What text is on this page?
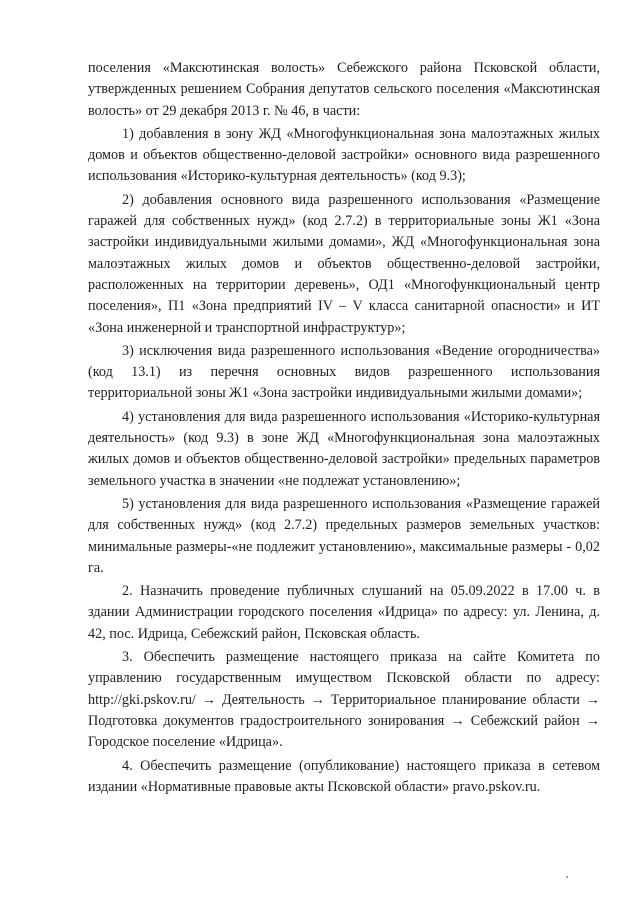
поселения «Максютинская волость» Себежского района Псковской области, утвержденных решением Собрания депутатов сельского поселения «Максютинская волость» от 29 декабря 2013 г. № 46, в части:

1) добавления в зону ЖД «Многофункциональная зона малоэтажных жилых домов и объектов общественно-деловой застройки» основного вида разрешенного использования «Историко-культурная деятельность» (код 9.3);

2) добавления основного вида разрешенного использования «Размещение гаражей для собственных нужд» (код 2.7.2) в территориальные зоны Ж1 «Зона застройки индивидуальными жилыми домами», ЖД «Многофункциональная зона малоэтажных жилых домов и объектов общественно-деловой застройки, расположенных на территории деревень», ОД1 «Многофункциональный центр поселения», П1 «Зона предприятий IV – V класса санитарной опасности» и ИТ «Зона инженерной и транспортной инфраструктур»;

3) исключения вида разрешенного использования «Ведение огородничества» (код 13.1) из перечня основных видов разрешенного использования территориальной зоны Ж1 «Зона застройки индивидуальными жилыми домами»;

4) установления для вида разрешенного использования «Историко-культурная деятельность» (код 9.3) в зоне ЖД «Многофункциональная зона малоэтажных жилых домов и объектов общественно-деловой застройки» предельных параметров земельного участка в значении «не подлежат установлению»;

5) установления для вида разрешенного использования «Размещение гаражей для собственных нужд» (код 2.7.2) предельных размеров земельных участков: минимальные размеры-«не подлежит установлению», максимальные размеры - 0,02 га.

2. Назначить проведение публичных слушаний на 05.09.2022 в 17.00 ч. в здании Администрации городского поселения «Идрица» по адресу: ул. Ленина, д. 42, пос. Идрица, Себежский район, Псковская область.

3. Обеспечить размещение настоящего приказа на сайте Комитета по управлению государственным имуществом Псковской области по адресу: http://gki.pskov.ru/ → Деятельность → Территориальное планирование области → Подготовка документов градостроительного зонирования → Себежский район → Городское поселение «Идрица».

4. Обеспечить размещение (опубликование) настоящего приказа в сетевом издании «Нормативные правовые акты Псковской области» pravo.pskov.ru.
